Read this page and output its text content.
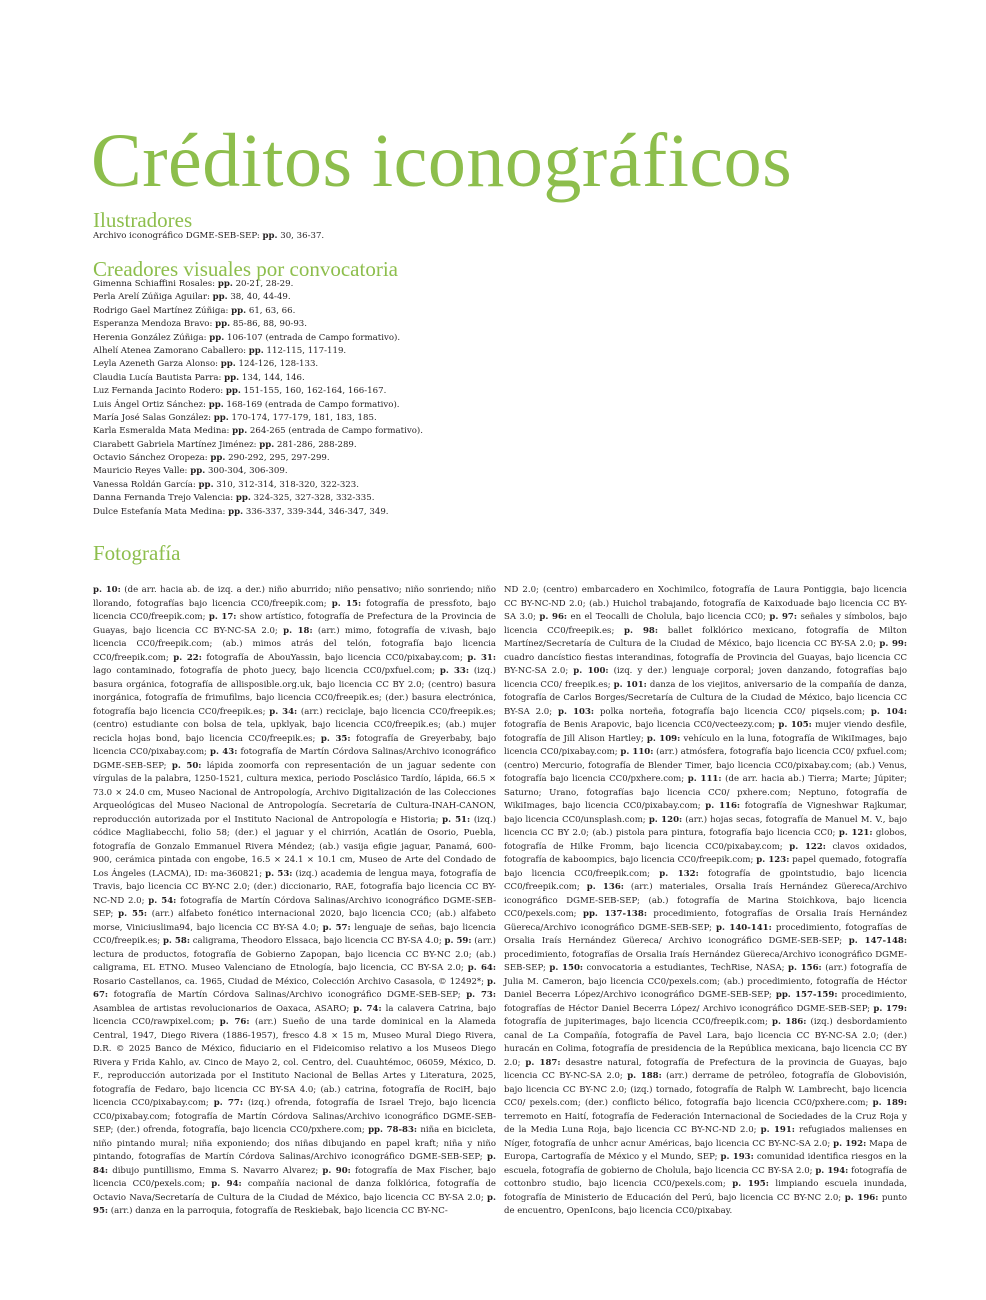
Créditos iconográficos
Ilustradores
Archivo iconográfico DGME-SEB-SEP: pp. 30, 36-37.
Creadores visuales por convocatoria
Gimenna Schiaffini Rosales: pp. 20-21, 28-29.
Perla Arelí Zúñiga Aguilar: pp. 38, 40, 44-49.
Rodrigo Gael Martínez Zúñiga: pp. 61, 63, 66.
Esperanza Mendoza Bravo: pp. 85-86, 88, 90-93.
Herenia González Zúñiga: pp. 106-107 (entrada de Campo formativo).
Alhelí Atenea Zamorano Caballero: pp. 112-115, 117-119.
Leyla Azeneth Garza Alonso: pp. 124-126, 128-133.
Claudia Lucía Bautista Parra: pp. 134, 144, 146.
Luz Fernanda Jacinto Rodero: pp. 151-155, 160, 162-164, 166-167.
Luis Ángel Ortiz Sánchez: pp. 168-169 (entrada de Campo formativo).
María José Salas González: pp. 170-174, 177-179, 181, 183, 185.
Karla Esmeralda Mata Medina: pp. 264-265 (entrada de Campo formativo).
Ciarabett Gabriela Martínez Jiménez: pp. 281-286, 288-289.
Octavio Sánchez Oropeza: pp. 290-292, 295, 297-299.
Mauricio Reyes Valle: pp. 300-304, 306-309.
Vanessa Roldán García: pp. 310, 312-314, 318-320, 322-323.
Danna Fernanda Trejo Valencia: pp. 324-325, 327-328, 332-335.
Dulce Estefanía Mata Medina: pp. 336-337, 339-344, 346-347, 349.
Fotografía

p. 10: (de arr. hacia ab. de izq. a der.) niño aburrido; niño pensativo; niño sonriendo; niño llorando, fotografías bajo licencia CC0/freepik.com; p. 15: fotografía de pressfoto, bajo licencia CC0/freepik.com; p. 17: show artístico, fotografía de Prefectura de la Provincia de Guayas, bajo licencia CC BY-NC-SA 2.0; p. 18: (arr.) mimo, fotografía de v.ivash, bajo licencia CC0/freepik.com; (ab.) mimos atrás del telón, fotografía bajo licencia CC0/freepik.com; p. 22: fotografía de AbouYassin, bajo licencia CC0/pixabay.com; p. 31: lago contaminado, fotografía de photo juecy, bajo licencia CC0/pxfuel.com; p. 33: (izq.) basura orgánica, fotografía de allisposible.org.uk, bajo licencia CC BY 2.0; (centro) basura inorgánica, fotografía de frimufilms, bajo licencia CC0/freepik.es; (der.) basura electrónica, fotografía bajo licencia CC0/freepik.es; p. 34: (arr.) reciclaje, bajo licencia CC0/freepik.es; (centro) estudiante con bolsa de tela, upklyak, bajo licencia CC0/freepik.es; (ab.) mujer recicla hojas bond, bajo licencia CC0/freepik.es; p. 35: fotografía de Greyerbaby, bajo licencia CC0/pixabay.com; p. 43: fotografía de Martín Córdova Salinas/Archivo iconográfico DGME-SEB-SEP; p. 50: lápida zoomorfa con representación de un jaguar sedente con vírgulas de la palabra, 1250-1521, cultura mexica, periodo Posclásico Tardío, lápida, 66.5 × 73.0 × 24.0 cm, Museo Nacional de Antropología, Archivo Digitalización de las Colecciones Arqueológicas del Museo Nacional de Antropología. Secretaría de Cultura-INAH-CANON, reproducción autorizada por el Instituto Nacional de Antropología e Historia; p. 51: (izq.) códice Magliabecchi, folio 58; (der.) el jaguar y el chirrión, Acatlán de Osorio, Puebla, fotografía de Gonzalo Emmanuel Rivera Méndez; (ab.) vasija efigie jaguar, Panamá, 600-900, cerámica pintada con engobe, 16.5 × 24.1 × 10.1 cm, Museo de Arte del Condado de Los Ángeles (LACMA), ID: ma-360821; p. 53: (izq.) academia de lengua maya, fotografía de Travis, bajo licencia CC BY-NC 2.0; (der.) diccionario, RAE, fotografía bajo licencia CC BY-NC-ND 2.0; p. 54: fotografía de Martín Córdova Salinas/Archivo iconográfico DGME-SEB-SEP; p. 55: (arr.) alfabeto fonético internacional 2020, bajo licencia CC0; (ab.) alfabeto morse, Viniciuslima94, bajo licencia CC BY-SA 4.0; p. 57: lenguaje de señas, bajo licencia CC0/freepik.es; p. 58: caligrama, Theodoro Elssaca, bajo licencia CC BY-SA 4.0; p. 59: (arr.) lectura de productos, fotografía de Gobierno Zapopan, bajo licencia CC BY-NC 2.0; (ab.) caligrama, EL ETNO. Museo Valenciano de Etnología, bajo licencia, CC BY-SA 2.0; p. 64: Rosario Castellanos, ca. 1965, Ciudad de México, Colección Archivo Casasola, © 12492*; p. 67: fotografía de Martín Córdova Salinas/Archivo iconográfico DGME-SEB-SEP; p. 73: Asamblea de artistas revolucionarios de Oaxaca, ASARO; p. 74: la calavera Catrina, bajo licencia CC0/rawpixel.com; p. 76: (arr.) Sueño de una tarde dominical en la Alameda Central, 1947, Diego Rivera (1886-1957), fresco 4.8 × 15 m, Museo Mural Diego Rivera, D.R. © 2025 Banco de México, fiduciario en el Fideicomiso relativo a los Museos Diego Rivera y Frida Kahlo, av. Cinco de Mayo 2, col. Centro, del. Cuauhtémoc, 06059, México, D. F., reproducción autorizada por el Instituto Nacional de Bellas Artes y Literatura, 2025, fotografía de Fedaro, bajo licencia CC BY-SA 4.0; (ab.) catrina, fotografía de RociH, bajo licencia CC0/pixabay.com; p. 77: (izq.) ofrenda, fotografía de Israel Trejo, bajo licencia CC0/pixabay.com; fotografía de Martín Córdova Salinas/Archivo iconográfico DGME-SEB-SEP; (der.) ofrenda, fotografía, bajo licencia CC0/pxhere.com; pp. 78-83: niña en bicicleta, niño pintando mural; niña exponiendo; dos niñas dibujando en papel kraft; niña y niño pintando, fotografías de Martín Córdova Salinas/Archivo iconográfico DGME-SEB-SEP; p. 84: dibujo puntillismo, Emma S. Navarro Alvarez; p. 90: fotografía de Max Fischer, bajo licencia CC0/pexels.com; p. 94: compañía nacional de danza folklórica, fotografía de Octavio Nava/Secretaría de Cultura de la Ciudad de México, bajo licencia CC BY-SA 2.0; p. 95: (arr.) danza en la parroquia, fotografía de Reskiebak, bajo licencia CC BY-NC-

ND 2.0; (centro) embarcadero en Xochimilco, fotografía de Laura Pontiggia, bajo licencia CC BY-NC-ND 2.0; (ab.) Huichol trabajando, fotografía de Kaixoduade bajo licencia CC BY-SA 3.0; p. 96: en el Teocalli de Cholula, bajo licencia CC0; p. 97: señales y símbolos, bajo licencia CC0/freepik.es; p. 98: ballet folklórico mexicano, fotografía de Milton Martínez/Secretaría de Cultura de la Ciudad de México, bajo licencia CC BY-SA 2.0; p. 99: cuadro dancístico fiestas interandinas, fotografía de Provincia del Guayas, bajo licencia CC BY-NC-SA 2.0; p. 100: (izq. y der.) lenguaje corporal; joven danzando, fotografías bajo licencia CC0/ freepik.es; p. 101: danza de los viejitos, aniversario de la compañía de danza, fotografía de Carlos Borges/Secretaría de Cultura de la Ciudad de México, bajo licencia CC BY-SA 2.0; p. 103: polka norteña, fotografía bajo licencia CC0/ piqsels.com; p. 104: fotografía de Benis Arapovic, bajo licencia CC0/vecteezy.com; p. 105: mujer viendo desfile, fotografía de Jill Alison Hartley; p. 109: vehículo en la luna, fotografía de WikiImages, bajo licencia CC0/pixabay.com; p. 110: (arr.) atmósfera, fotografía bajo licencia CC0/ pxfuel.com; (centro) Mercurio, fotografía de Blender Timer, bajo licencia CC0/pixabay.com; (ab.) Venus, fotografía bajo licencia CC0/pxhere.com; p. 111: (de arr. hacia ab.) Tierra; Marte; Júpiter; Saturno; Urano, fotografías bajo licencia CC0/ pxhere.com; Neptuno, fotografía de WikiImages, bajo licencia CC0/pixabay.com; p. 116: fotografía de Vigneshwar Rajkumar, bajo licencia CC0/unsplash.com; p. 120: (arr.) hojas secas, fotografía de Manuel M. V., bajo licencia CC BY 2.0; (ab.) pistola para pintura, fotografía bajo licencia CC0; p. 121: globos, fotografía de Hilke Fromm, bajo licencia CC0/pixabay.com; p. 122: clavos oxidados, fotografía de kaboompics, bajo licencia CC0/freepik.com; p. 123: papel quemado, fotografía bajo licencia CC0/freepik.com; p. 132: fotografía de gpointstudio, bajo licencia CC0/freepik.com; p. 136: (arr.) materiales, Orsalia Iraís Hernández Güereca/Archivo iconográfico DGME-SEB-SEP; (ab.) fotografía de Marina Stoichkova, bajo licencia CC0/pexels.com; pp. 137-138: procedimiento, fotografías de Orsalia Iraís Hernández Güereca/Archivo iconográfico DGME-SEB-SEP; p. 140-141: procedimiento, fotografías de Orsalia Iraís Hernández Güereca/ Archivo iconográfico DGME-SEB-SEP; p. 147-148: procedimiento, fotografías de Orsalia Iraís Hernández Güereca/Archivo iconográfico DGME-SEB-SEP; p. 150: convocatoria a estudiantes, TechRise, NASA; p. 156: (arr.) fotografía de Julia M. Cameron, bajo licencia CC0/pexels.com; (ab.) procedimiento, fotografía de Héctor Daniel Becerra López/Archivo iconográfico DGME-SEB-SEP; pp. 157-159: procedimiento, fotografías de Héctor Daniel Becerra López/ Archivo iconográfico DGME-SEB-SEP; p. 179: fotografía de jupiterimages, bajo licencia CC0/freepik.com; p. 186: (izq.) desbordamiento canal de La Compañía, fotografía de Pavel Lara, bajo licencia CC BY-NC-SA 2.0; (der.) huracán en Colima, fotografía de presidencia de la República mexicana, bajo licencia CC BY 2.0; p. 187: desastre natural, fotografía de Prefectura de la provincia de Guayas, bajo licencia CC BY-NC-SA 2.0; p. 188: (arr.) derrame de petróleo, fotografía de Globovisión, bajo licencia CC BY-NC 2.0; (izq.) tornado, fotografía de Ralph W. Lambrecht, bajo licencia CC0/ pexels.com; (der.) conflicto bélico, fotografía bajo licencia CC0/pxhere.com; p. 189: terremoto en Haití, fotografía de Federación Internacional de Sociedades de la Cruz Roja y de la Media Luna Roja, bajo licencia CC BY-NC-ND 2.0; p. 191: refugiados malienses en Níger, fotografía de unhcr acnur Américas, bajo licencia CC BY-NC-SA 2.0; p. 192: Mapa de Europa, Cartografía de México y el Mundo, SEP; p. 193: comunidad identifica riesgos en la escuela, fotografía de gobierno de Cholula, bajo licencia CC BY-SA 2.0; p. 194: fotografía de cottonbro studio, bajo licencia CC0/pexels.com; p. 195: limpiando escuela inundada, fotografía de Ministerio de Educación del Perú, bajo licencia CC BY-NC 2.0; p. 196: punto de encuentro, OpenIcons, bajo licencia CC0/pixabay.
